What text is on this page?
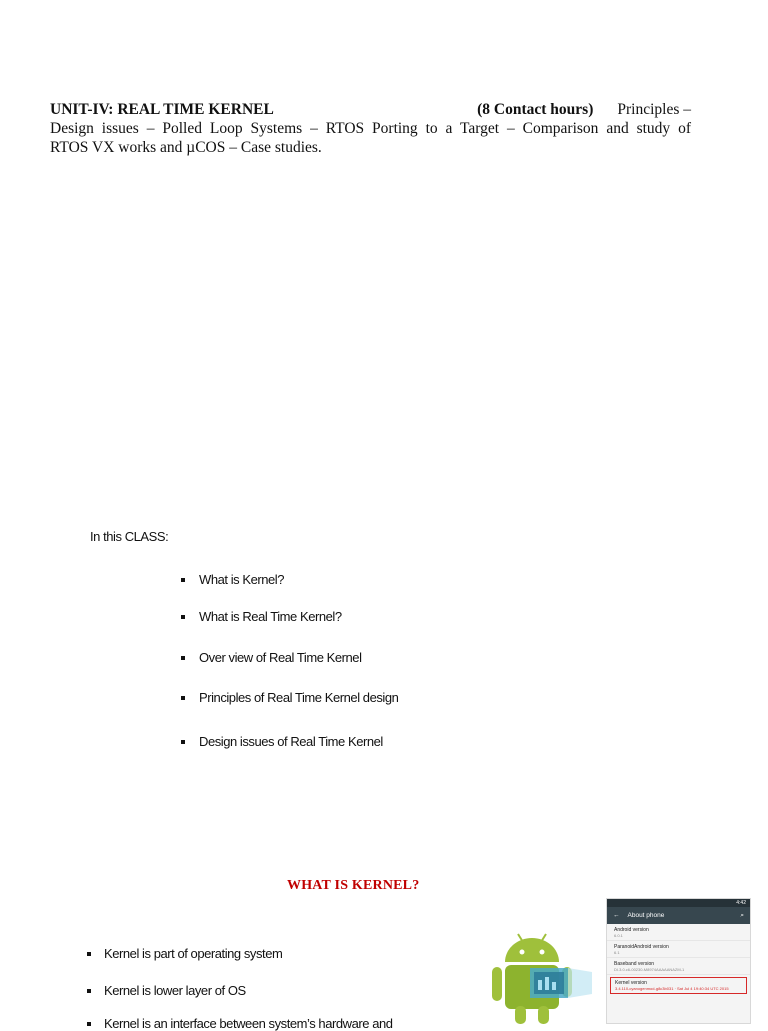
UNIT-IV: REAL TIME KERNEL	(8 Contact hours) Principles –
Design issues – Polled Loop Systems – RTOS Porting to a Target – Comparison and study of
RTOS VX works and µCOS – Case studies.
In this CLASS:
What is Kernel?
What is Real Time Kernel?
Over view of Real Time Kernel
Principles of Real Time Kernel design
Design issues of Real Time Kernel
WHAT IS KERNEL?
Kernel is part of operating system
Kernel is lower layer of OS
Kernel is an interface between system’s hardware and
4:42
← About phone	⌕
Android version
6.0.1
ParanoidAndroid version
6.1
Baseband version
DI.3.0.c6-00230-M8974AAAAANAZM-1
Kernel version
3.4.110-cyanogenmod-g8c3b031 · Sat Jul 4 19:40:34 UTC 2015
